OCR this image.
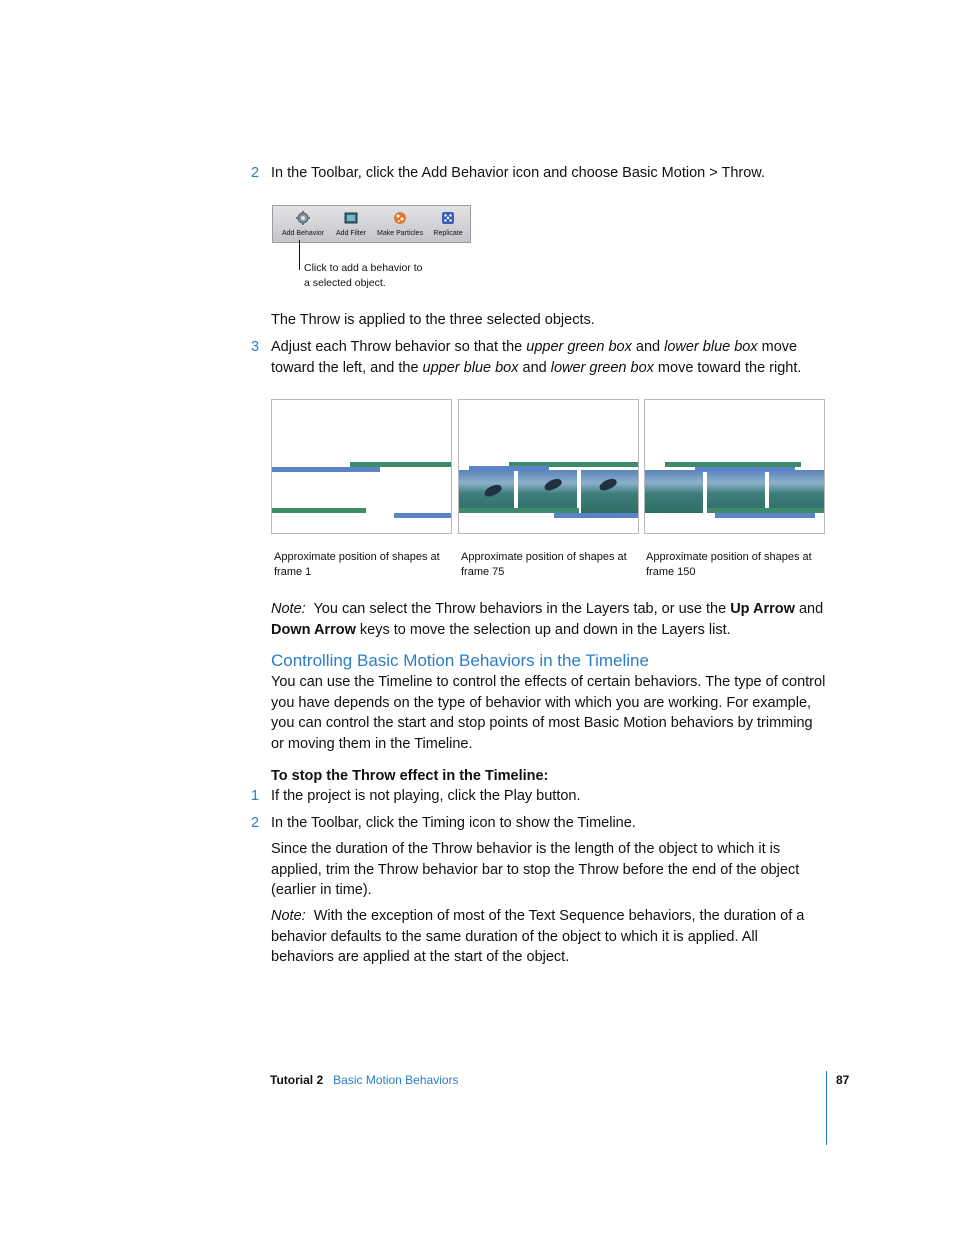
2 In the Toolbar, click the Add Behavior icon and choose Basic Motion > Throw.
Add Behavior	Add Filter	Make Particles	Replicate
Click to add a behavior to
a selected object.
The Throw is applied to the three selected objects.
3 Adjust each Throw behavior so that the upper green box and lower blue box move
toward the left, and the upper blue box and lower green box move toward the right.
Approximate position of shapes at
frame 1
Approximate position of shapes at
frame 75
Approximate position of shapes at
frame 150
Note:  You can select the Throw behaviors in the Layers tab, or use the Up Arrow and
Down Arrow keys to move the selection up and down in the Layers list.
Controlling Basic Motion Behaviors in the Timeline
You can use the Timeline to control the effects of certain behaviors. The type of control
you have depends on the type of behavior with which you are working. For example,
you can control the start and stop points of most Basic Motion behaviors by trimming
or moving them in the Timeline.
To stop the Throw effect in the Timeline:
1 If the project is not playing, click the Play button.
2 In the Toolbar, click the Timing icon to show the Timeline.
Since the duration of the Throw behavior is the length of the object to which it is
applied, trim the Throw behavior bar to stop the Throw before the end of the object
(earlier in time).
Note:  With the exception of most of the Text Sequence behaviors, the duration of a
behavior defaults to the same duration of the object to which it is applied. All
behaviors are applied at the start of the object.
Tutorial 2 Basic Motion Behaviors	87
